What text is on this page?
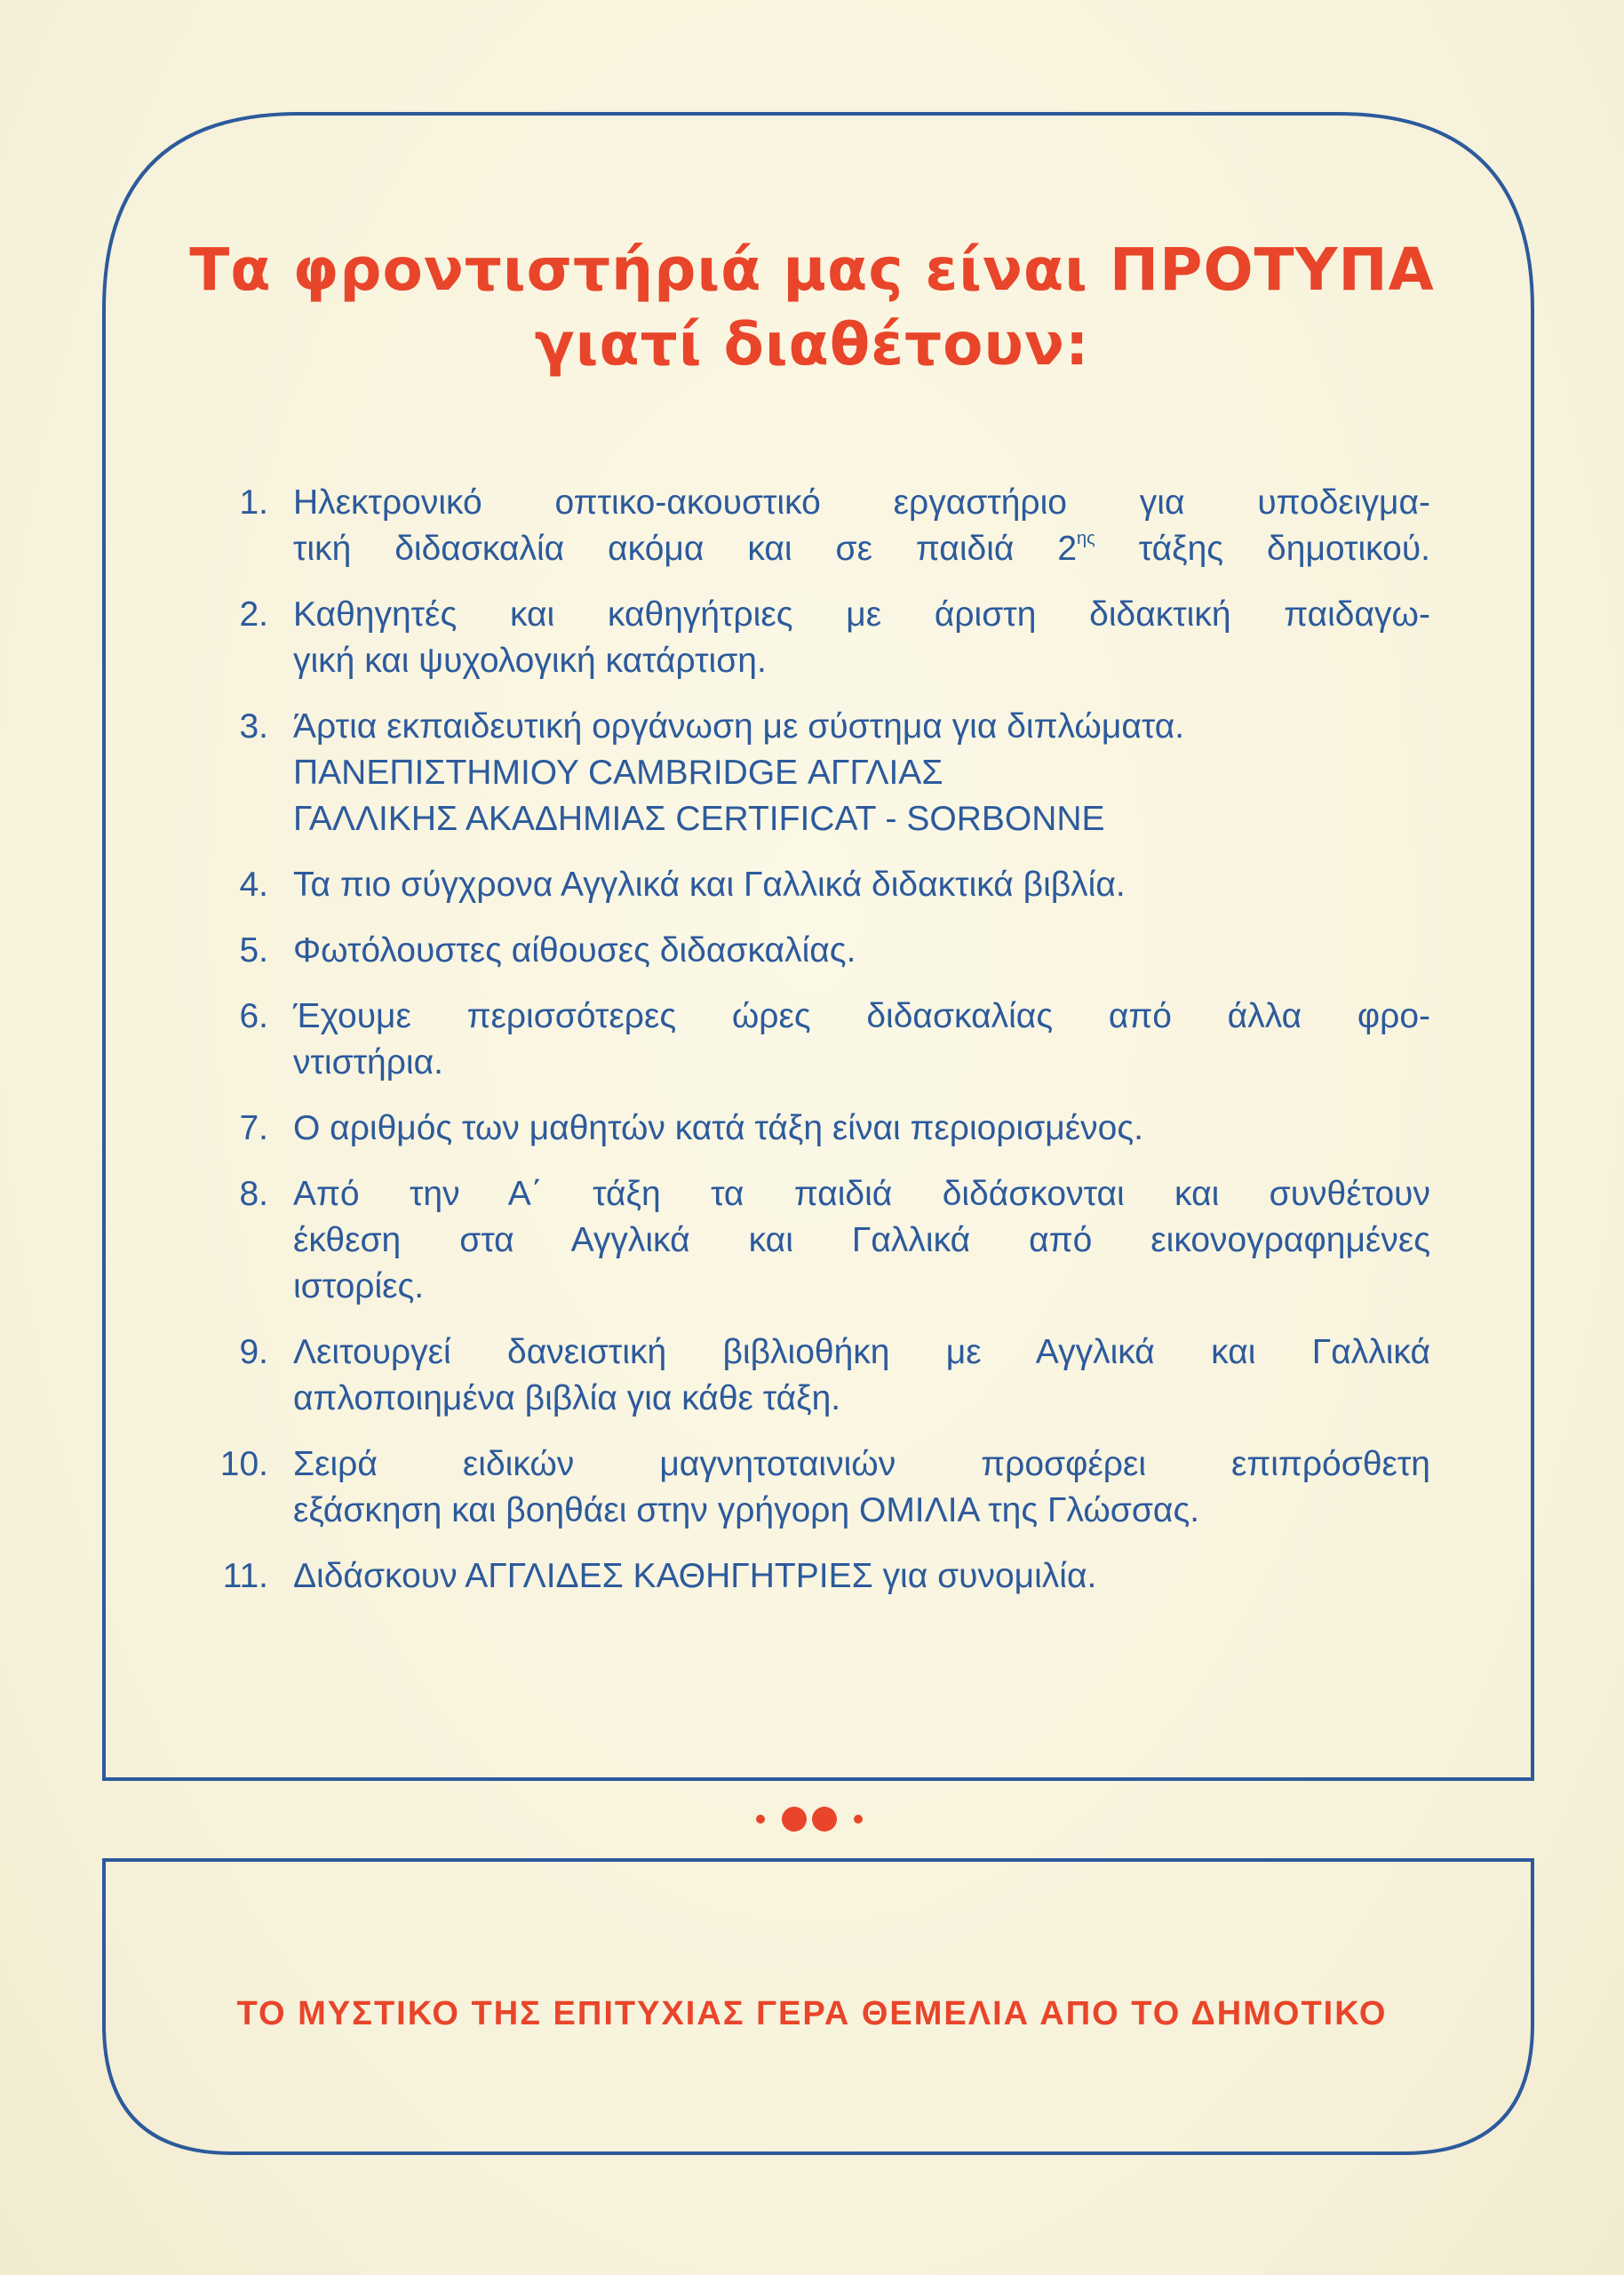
Τα φροντιστήριά μας είναι ΠΡΟΤΥΠΑ
γιατί διαθέτουν:
1. Ηλεκτρονικό οπτικο-ακουστικό εργαστήριο για υποδειγμα-
τική διδασκαλία ακόμα και σε παιδιά $2^{\eta\varsigma}$ τάξης δημοτικού.
2. Καθηγητές και καθηγήτριες με άριστη διδακτική παιδαγω-
γική και ψυχολογική κατάρτιση.
3. Άρτια εκπαιδευτική οργάνωση με σύστημα για διπλώματα.
ΠΑΝΕΠΙΣΤΗΜΙΟΥ CAMBRIDGE ΑΓΓΛΙΑΣ
ΓΑΛΛΙΚΗΣ ΑΚΑΔΗΜΙΑΣ CERTIFICAT - SORBONNE
4. Τα πιο σύγχρονα Αγγλικά και Γαλλικά διδακτικά βιβλία.
5. Φωτόλουστες αίθουσες διδασκαλίας.
6. Έχουμε περισσότερες ώρες διδασκαλίας από άλλα φρο-
ντιστήρια.
7. Ο αριθμός των μαθητών κατά τάξη είναι περιορισμένος.
8. Από την Α΄ τάξη τα παιδιά διδάσκονται και συνθέτουν
έκθεση στα Αγγλικά και Γαλλικά από εικονογραφημένες
ιστορίες.
9. Λειτουργεί δανειστική βιβλιοθήκη με Αγγλικά και Γαλλικά
απλοποιημένα βιβλία για κάθε τάξη.
10. Σειρά ειδικών μαγνητοταινιών προσφέρει επιπρόσθετη
εξάσκηση και βοηθάει στην γρήγορη ΟΜΙΛΙΑ της Γλώσσας.
11. Διδάσκουν ΑΓΓΛΙΔΕΣ ΚΑΘΗΓΗΤΡΙΕΣ για συνομιλία.

ΤΟ ΜΥΣΤΙΚΟ ΤΗΣ ΕΠΙΤΥΧΙΑΣ ΓΕΡΑ ΘΕΜΕΛΙΑ ΑΠΟ ΤΟ ΔΗΜΟΤΙΚΟ
